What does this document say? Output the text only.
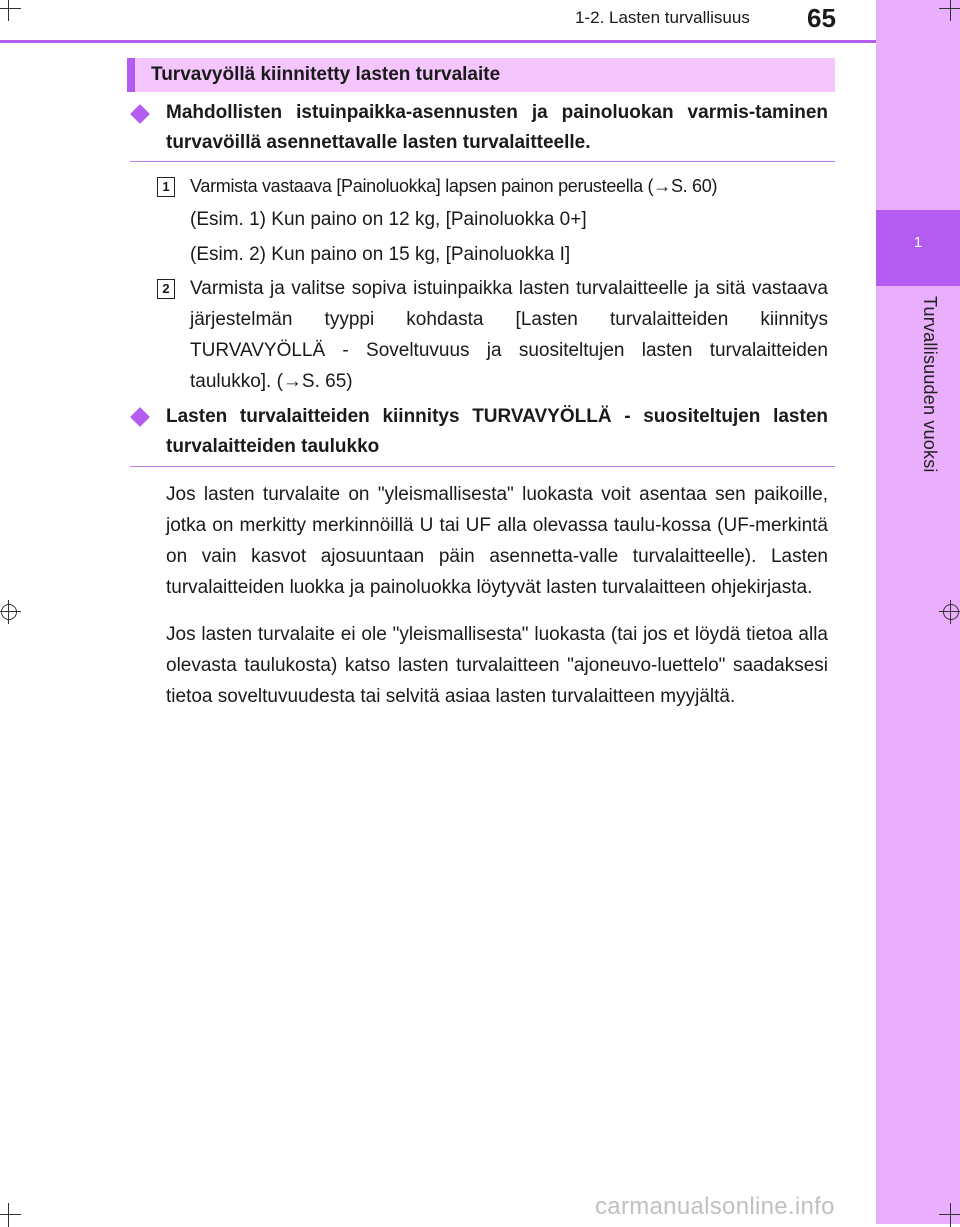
1
Turvallisuuden vuoksi
1-2. Lasten turvallisuus 65
Turvavyöllä kiinnitetty lasten turvalaite
Mahdollisten istuinpaikka-asennusten ja painoluokan varmis-taminen turvavöillä asennettavalle lasten turvalaitteelle.
1 Varmista vastaava [Painoluokka] lapsen painon perusteella (→S. 60)
(Esim. 1) Kun paino on 12 kg, [Painoluokka 0+]
(Esim. 2) Kun paino on 15 kg, [Painoluokka I]
2 Varmista ja valitse sopiva istuinpaikka lasten turvalaitteelle ja sitä vastaava järjestelmän tyyppi kohdasta [Lasten turvalaitteiden kiinnitys TURVAVYÖLLÄ - Soveltuvuus ja suositeltujen lasten turvalaitteiden taulukko]. (→S. 65)
Lasten turvalaitteiden kiinnitys TURVAVYÖLLÄ - suositeltujen lasten turvalaitteiden taulukko
Jos lasten turvalaite on "yleismallisesta" luokasta voit asentaa sen paikoille, jotka on merkitty merkinnöillä U tai UF alla olevassa taulu-kossa (UF-merkintä on vain kasvot ajosuuntaan päin asennetta-valle turvalaitteelle). Lasten turvalaitteiden luokka ja painoluokka löytyvät lasten turvalaitteen ohjekirjasta.
Jos lasten turvalaite ei ole "yleismallisesta" luokasta (tai jos et löydä tietoa alla olevasta taulukosta) katso lasten turvalaitteen "ajoneuvo-luettelo" saadaksesi tietoa soveltuvuudesta tai selvitä asiaa lasten turvalaitteen myyjältä.
carmanualsonline.info
